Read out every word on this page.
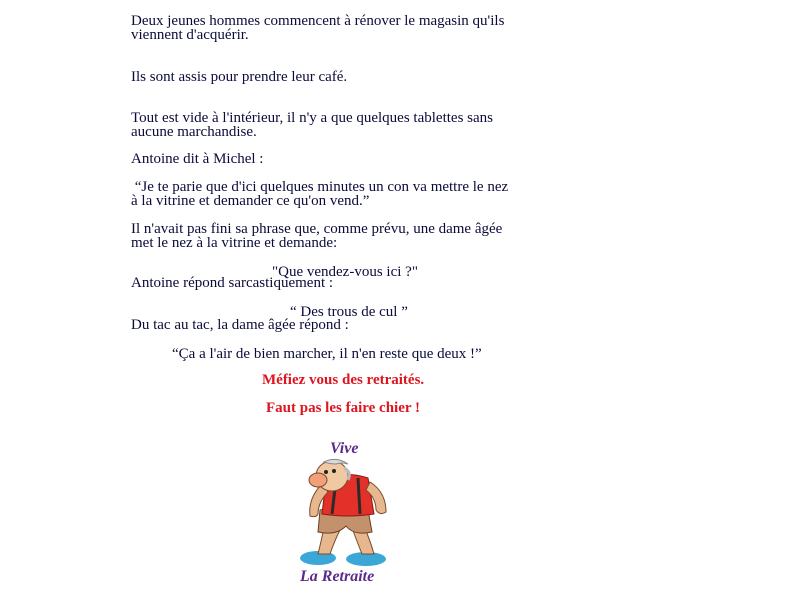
Deux jeunes hommes commencent à rénover le magasin qu'ils

viennent d'acquérir.

Ils sont assis pour prendre leur café.

Tout est vide à l'intérieur, il n'y a que quelques tablettes sans

aucune marchandise.

Antoine dit à Michel :

“Je te parie que d'ici quelques minutes un con va mettre le nez

à la vitrine et demander ce qu'on vend.”

Il n'avait pas fini sa phrase que, comme prévu, une dame âgée

met le nez à la vitrine et demande:

"Que vendez-vous ici ?"

Antoine répond sarcastiquement :

“ Des trous de cul ”

Du tac au tac, la dame âgée répond :

“Ça a l'air de bien marcher, il n'en reste que deux !”

Méfiez vous des retraités.
Faut pas les faire chier !
Vive
La Retraite
